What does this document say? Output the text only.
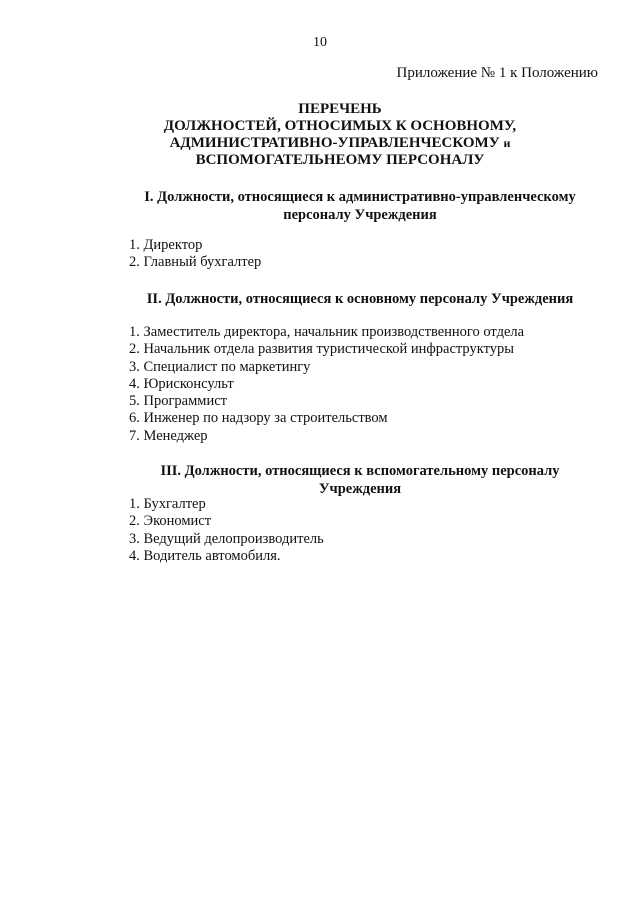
10
Приложение № 1 к Положению
ПЕРЕЧЕНЬ
ДОЛЖНОСТЕЙ, ОТНОСИМЫХ К ОСНОВНОМУ,
АДМИНИСТРАТИВНО-УПРАВЛЕНЧЕСКОМУ и
ВСПОМОГАТЕЛЬНЕОМУ ПЕРСОНАЛУ
I. Должности, относящиеся к административно-управленческому
персоналу Учреждения
1. Директор
2. Главный бухгалтер
II. Должности, относящиеся к основному персоналу Учреждения
1. Заместитель директора, начальник производственного отдела
2. Начальник отдела развития туристической инфраструктуры
3. Специалист по маркетингу
4. Юрисконсульт
5. Программист
6. Инженер по надзору за строительством
7. Менеджер
III. Должности, относящиеся к вспомогательному персоналу
Учреждения
1. Бухгалтер
2. Экономист
3. Ведущий делопроизводитель
4. Водитель автомобиля.
